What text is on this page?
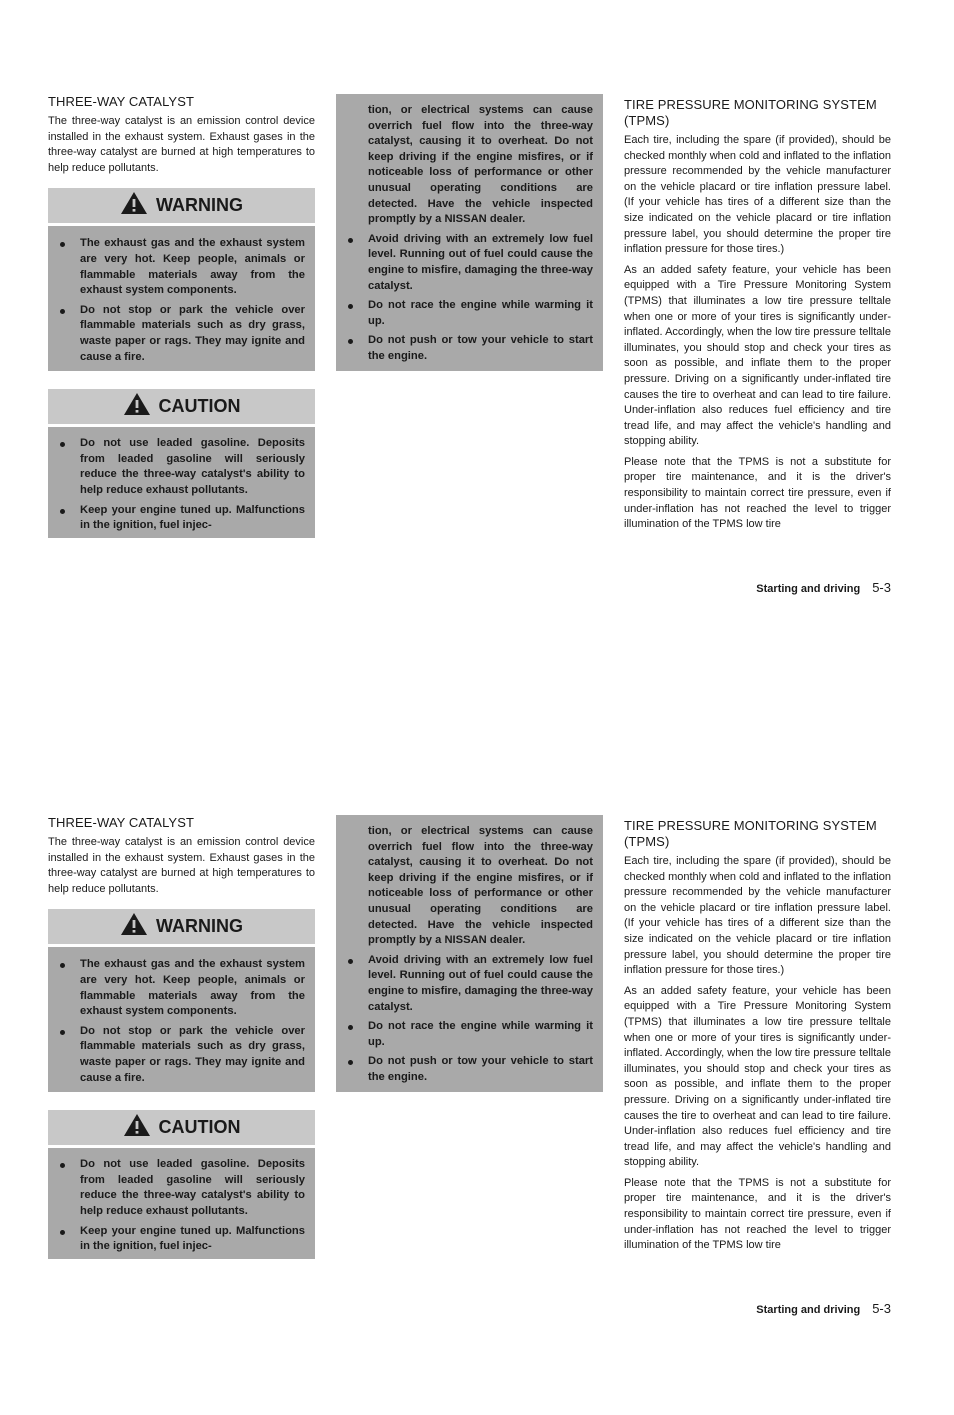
THREE-WAY CATALYST

The three-way catalyst is an emission control device installed in the exhaust system. Exhaust gases in the three-way catalyst are burned at high temperatures to help reduce pollutants.

WARNING
The exhaust gas and the exhaust system are very hot. Keep people, animals or flammable materials away from the exhaust system components.
Do not stop or park the vehicle over flammable materials such as dry grass, waste paper or rags. They may ignite and cause a fire.
CAUTION
Do not use leaded gasoline. Deposits from leaded gasoline will seriously reduce the three-way catalyst's ability to help reduce exhaust pollutants.
Keep your engine tuned up. Malfunctions in the ignition, fuel injec-
tion, or electrical systems can cause overrich fuel flow into the three-way catalyst, causing it to overheat. Do not keep driving if the engine misfires, or if noticeable loss of performance or other unusual operating conditions are detected. Have the vehicle inspected promptly by a NISSAN dealer.
Avoid driving with an extremely low fuel level. Running out of fuel could cause the engine to misfire, damaging the three-way catalyst.
Do not race the engine while warming it up.
Do not push or tow your vehicle to start the engine.
TIRE PRESSURE MONITORING SYSTEM (TPMS)

Each tire, including the spare (if provided), should be checked monthly when cold and inflated to the inflation pressure recommended by the vehicle manufacturer on the vehicle placard or tire inflation pressure label. (If your vehicle has tires of a different size than the size indicated on the vehicle placard or tire inflation pressure label, you should determine the proper tire inflation pressure for those tires.)

As an added safety feature, your vehicle has been equipped with a Tire Pressure Monitoring System (TPMS) that illuminates a low tire pressure telltale when one or more of your tires is significantly under-inflated. Accordingly, when the low tire pressure telltale illuminates, you should stop and check your tires as soon as possible, and inflate them to the proper pressure. Driving on a significantly under-inflated tire causes the tire to overheat and can lead to tire failure. Under-inflation also reduces fuel efficiency and tire tread life, and may affect the vehicle's handling and stopping ability.

Please note that the TPMS is not a substitute for proper tire maintenance, and it is the driver's responsibility to maintain correct tire pressure, even if under-inflation has not reached the level to trigger illumination of the TPMS low tire

Starting and driving 5-3
THREE-WAY CATALYST

The three-way catalyst is an emission control device installed in the exhaust system. Exhaust gases in the three-way catalyst are burned at high temperatures to help reduce pollutants.

WARNING
The exhaust gas and the exhaust system are very hot. Keep people, animals or flammable materials away from the exhaust system components.
Do not stop or park the vehicle over flammable materials such as dry grass, waste paper or rags. They may ignite and cause a fire.
CAUTION
Do not use leaded gasoline. Deposits from leaded gasoline will seriously reduce the three-way catalyst's ability to help reduce exhaust pollutants.
Keep your engine tuned up. Malfunctions in the ignition, fuel injec-
tion, or electrical systems can cause overrich fuel flow into the three-way catalyst, causing it to overheat. Do not keep driving if the engine misfires, or if noticeable loss of performance or other unusual operating conditions are detected. Have the vehicle inspected promptly by a NISSAN dealer.
Avoid driving with an extremely low fuel level. Running out of fuel could cause the engine to misfire, damaging the three-way catalyst.
Do not race the engine while warming it up.
Do not push or tow your vehicle to start the engine.
TIRE PRESSURE MONITORING SYSTEM (TPMS)

Each tire, including the spare (if provided), should be checked monthly when cold and inflated to the inflation pressure recommended by the vehicle manufacturer on the vehicle placard or tire inflation pressure label. (If your vehicle has tires of a different size than the size indicated on the vehicle placard or tire inflation pressure label, you should determine the proper tire inflation pressure for those tires.)

As an added safety feature, your vehicle has been equipped with a Tire Pressure Monitoring System (TPMS) that illuminates a low tire pressure telltale when one or more of your tires is significantly under-inflated. Accordingly, when the low tire pressure telltale illuminates, you should stop and check your tires as soon as possible, and inflate them to the proper pressure. Driving on a significantly under-inflated tire causes the tire to overheat and can lead to tire failure. Under-inflation also reduces fuel efficiency and tire tread life, and may affect the vehicle's handling and stopping ability.

Please note that the TPMS is not a substitute for proper tire maintenance, and it is the driver's responsibility to maintain correct tire pressure, even if under-inflation has not reached the level to trigger illumination of the TPMS low tire

Starting and driving 5-3
